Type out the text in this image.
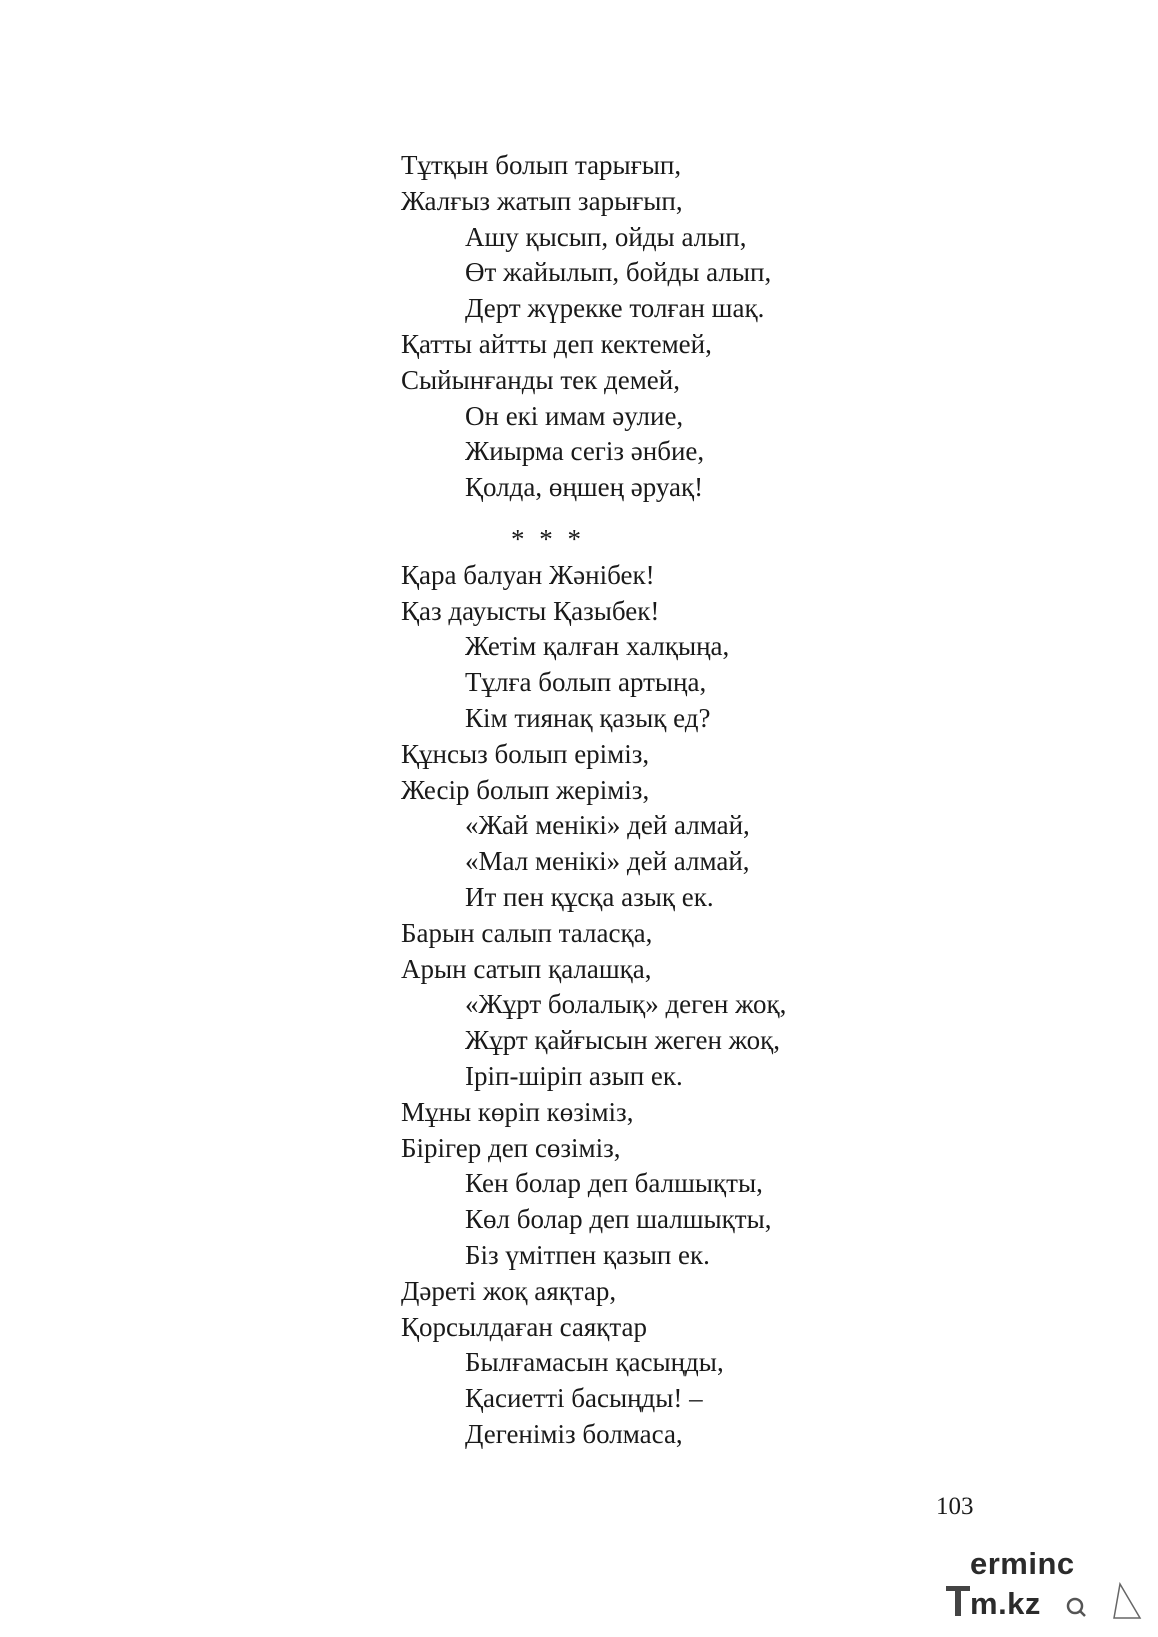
Тұтқын болып тарығып,
Жалғыз жатып зарығып,
Ашу қысып, ойды алып,
Өт жайылып, бойды алып,
Дерт жүрекке толған шақ.
Қатты айтты деп кектемей,
Сыйынғанды тек демей,
Он екі имам әулие,
Жиырма сегіз әнбие,
Қолда, өңшең әруақ!
* * *
Қара балуан Жәнібек!
Қаз дауысты Қазыбек!
Жетім қалған халқыңа,
Тұлға болып артыңа,
Кім тиянақ қазық ед?
Құнсыз болып еріміз,
Жесір болып жеріміз,
«Жай менікі» дей алмай,
«Мал менікі» дей алмай,
Ит пен құсқа азық ек.
Барын салып таласқа,
Арын сатып қалашқа,
«Жұрт болалық» деген жоқ,
Жұрт қайғысын жеген жоқ,
Іріп-шіріп азып ек.
Мұны көріп көзіміз,
Бірігер деп сөзіміз,
Кен болар деп балшықты,
Көл болар деп шалшықты,
Біз үмітпен қазып ек.
Дәреті жоқ аяқтар,
Қорсылдаған саяқтар
Былғамасын қасыңды,
Қасиетті басыңды! –
Дегеніміз болмаса,
103
erminc m.kz
